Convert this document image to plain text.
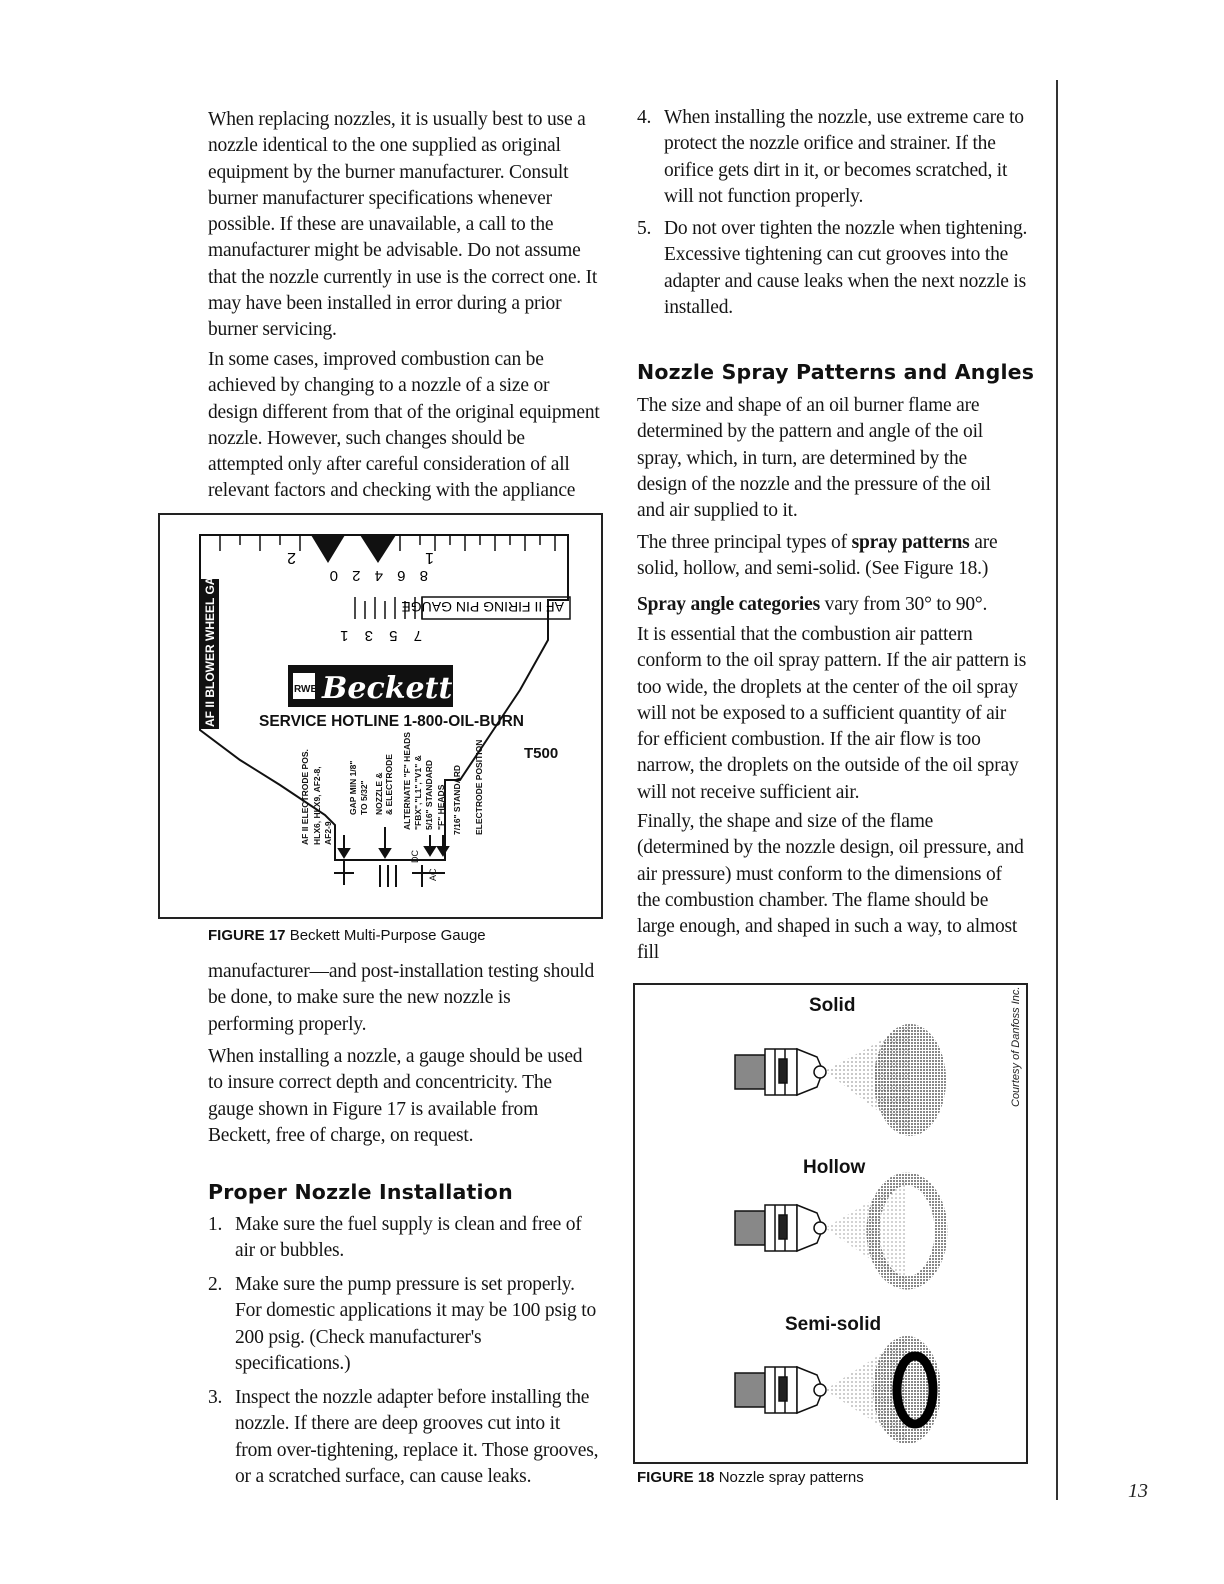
When replacing nozzles, it is usually best to use a nozzle identical to the one supplied as original equipment by the burner manufacturer. Consult burner manufacturer specifications whenever possible. If these are unavailable, a call to the manufacturer might be advisable. Do not assume that the nozzle currently in use is the correct one. It may have been installed in error during a prior burner servicing.

In some cases, improved combustion can be achieved by changing to a nozzle of a size or design different from that of the original equipment nozzle. However, such changes should be attempted only after careful consideration of all relevant factors and checking with the appliance

2	1
8 6 4 2 0
AF II FIRING PIN GAUGE
7 5 3 1
AF II BLOWER WHEEL GAUGE	RWB Beckett
SERVICE HOTLINE 1-800-OIL-BURN
T500
AF II ELECTRODE POS. HLX6, HLX9, AF2-8, AF2-9
GAP MIN 1/8" TO 5/32" NOZZLE & & ELECTRODE ALTERNATE "F" HEADS "FBX","L1","V1" & 5/16" STANDARD "F" HEADS 7/16" STANDARD ELECTRODE POSITION
DC
AC
FIGURE 17 Beckett Multi-Purpose Gauge

manufacturer—and post-installation testing should be done, to make sure the new nozzle is performing properly.

When installing a nozzle, a gauge should be used to insure correct depth and concentricity. The gauge shown in Figure 17 is available from Beckett, free of charge, on request.

Proper Nozzle Installation
1. Make sure the fuel supply is clean and free of air or bubbles.
2. Make sure the pump pressure is set properly. For domestic applications it may be 100 psig to 200 psig. (Check manufacturer's specifications.)
3. Inspect the nozzle adapter before installing the nozzle. If there are deep grooves cut into it from over-tightening, replace it. Those grooves, or a scratched surface, can cause leaks.
4. When installing the nozzle, use extreme care to protect the nozzle orifice and strainer. If the orifice gets dirt in it, or becomes scratched, it will not function properly.
5. Do not over tighten the nozzle when tightening. Excessive tightening can cut grooves into the adapter and cause leaks when the next nozzle is installed.
Nozzle Spray Patterns and Angles

The size and shape of an oil burner flame are determined by the pattern and angle of the oil spray, which, in turn, are determined by the design of the nozzle and the pressure of the oil and air supplied to it.

The three principal types of spray patterns are solid, hollow, and semi-solid. (See Figure 18.)

Spray angle categories vary from 30° to 90°.

It is essential that the combustion air pattern conform to the oil spray pattern. If the air pattern is too wide, the droplets at the center of the oil spray will not be exposed to a sufficient quantity of air for efficient combustion. If the air flow is too narrow, the droplets on the outside of the oil spray will not receive sufficient air.

Finally, the shape and size of the flame (determined by the nozzle design, oil pressure, and air pressure) must conform to the dimensions of the combustion chamber. The flame should be large enough, and shaped in such a way, to almost fill

Courtesy of Danfoss Inc.
Solid
Hollow
Semi-solid
FIGURE 18 Nozzle spray patterns
13
